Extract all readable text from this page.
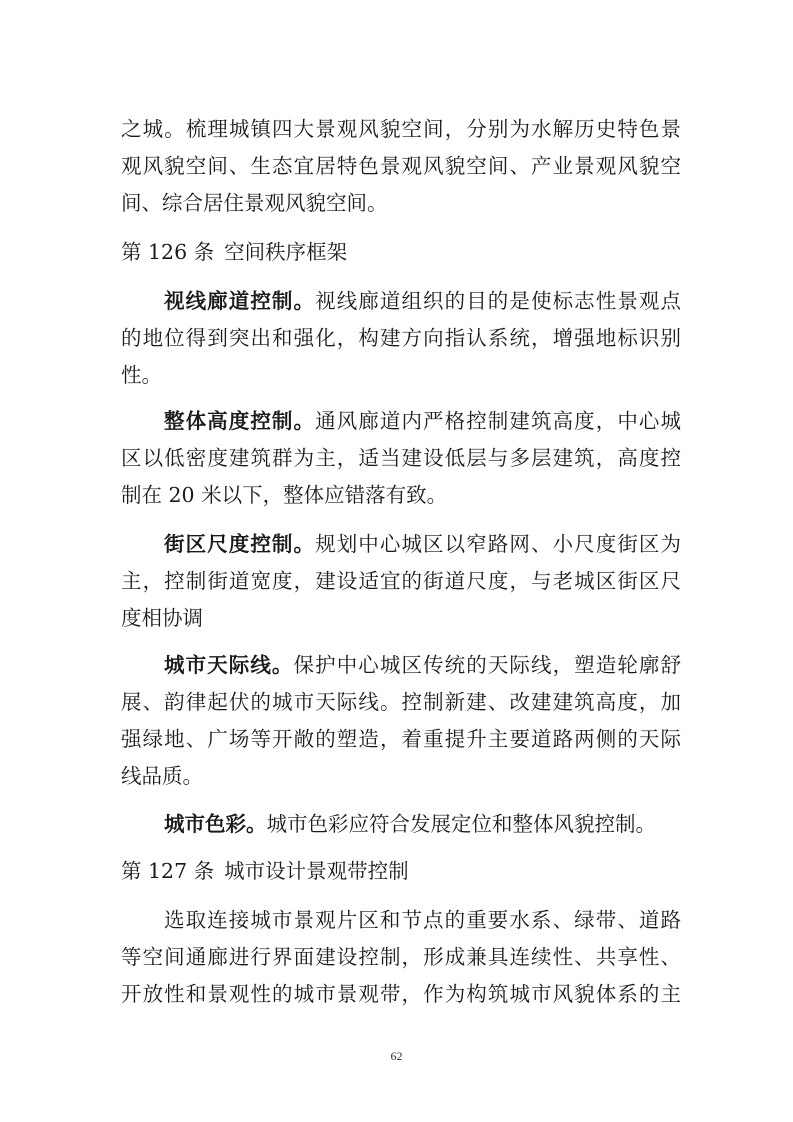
之城。梳理城镇四大景观风貌空间，分别为水解历史特色景
观风貌空间、生态宜居特色景观风貌空间、产业景观风貌空
间、综合居住景观风貌空间。
第 126 条 空间秩序框架
视线廊道控制。视线廊道组织的目的是使标志性景观点
的地位得到突出和强化，构建方向指认系统，增强地标识别
性。
整体高度控制。通风廊道内严格控制建筑高度，中心城
区以低密度建筑群为主，适当建设低层与多层建筑，高度控
制在 20 米以下，整体应错落有致。
街区尺度控制。规划中心城区以窄路网、小尺度街区为
主，控制街道宽度，建设适宜的街道尺度，与老城区街区尺
度相协调
城市天际线。保护中心城区传统的天际线，塑造轮廓舒
展、韵律起伏的城市天际线。控制新建、改建建筑高度，加
强绿地、广场等开敞的塑造，着重提升主要道路两侧的天际
线品质。
城市色彩。城市色彩应符合发展定位和整体风貌控制。
第 127 条 城市设计景观带控制
选取连接城市景观片区和节点的重要水系、绿带、道路
等空间通廊进行界面建设控制，形成兼具连续性、共享性、
开放性和景观性的城市景观带，作为构筑城市风貌体系的主
62
